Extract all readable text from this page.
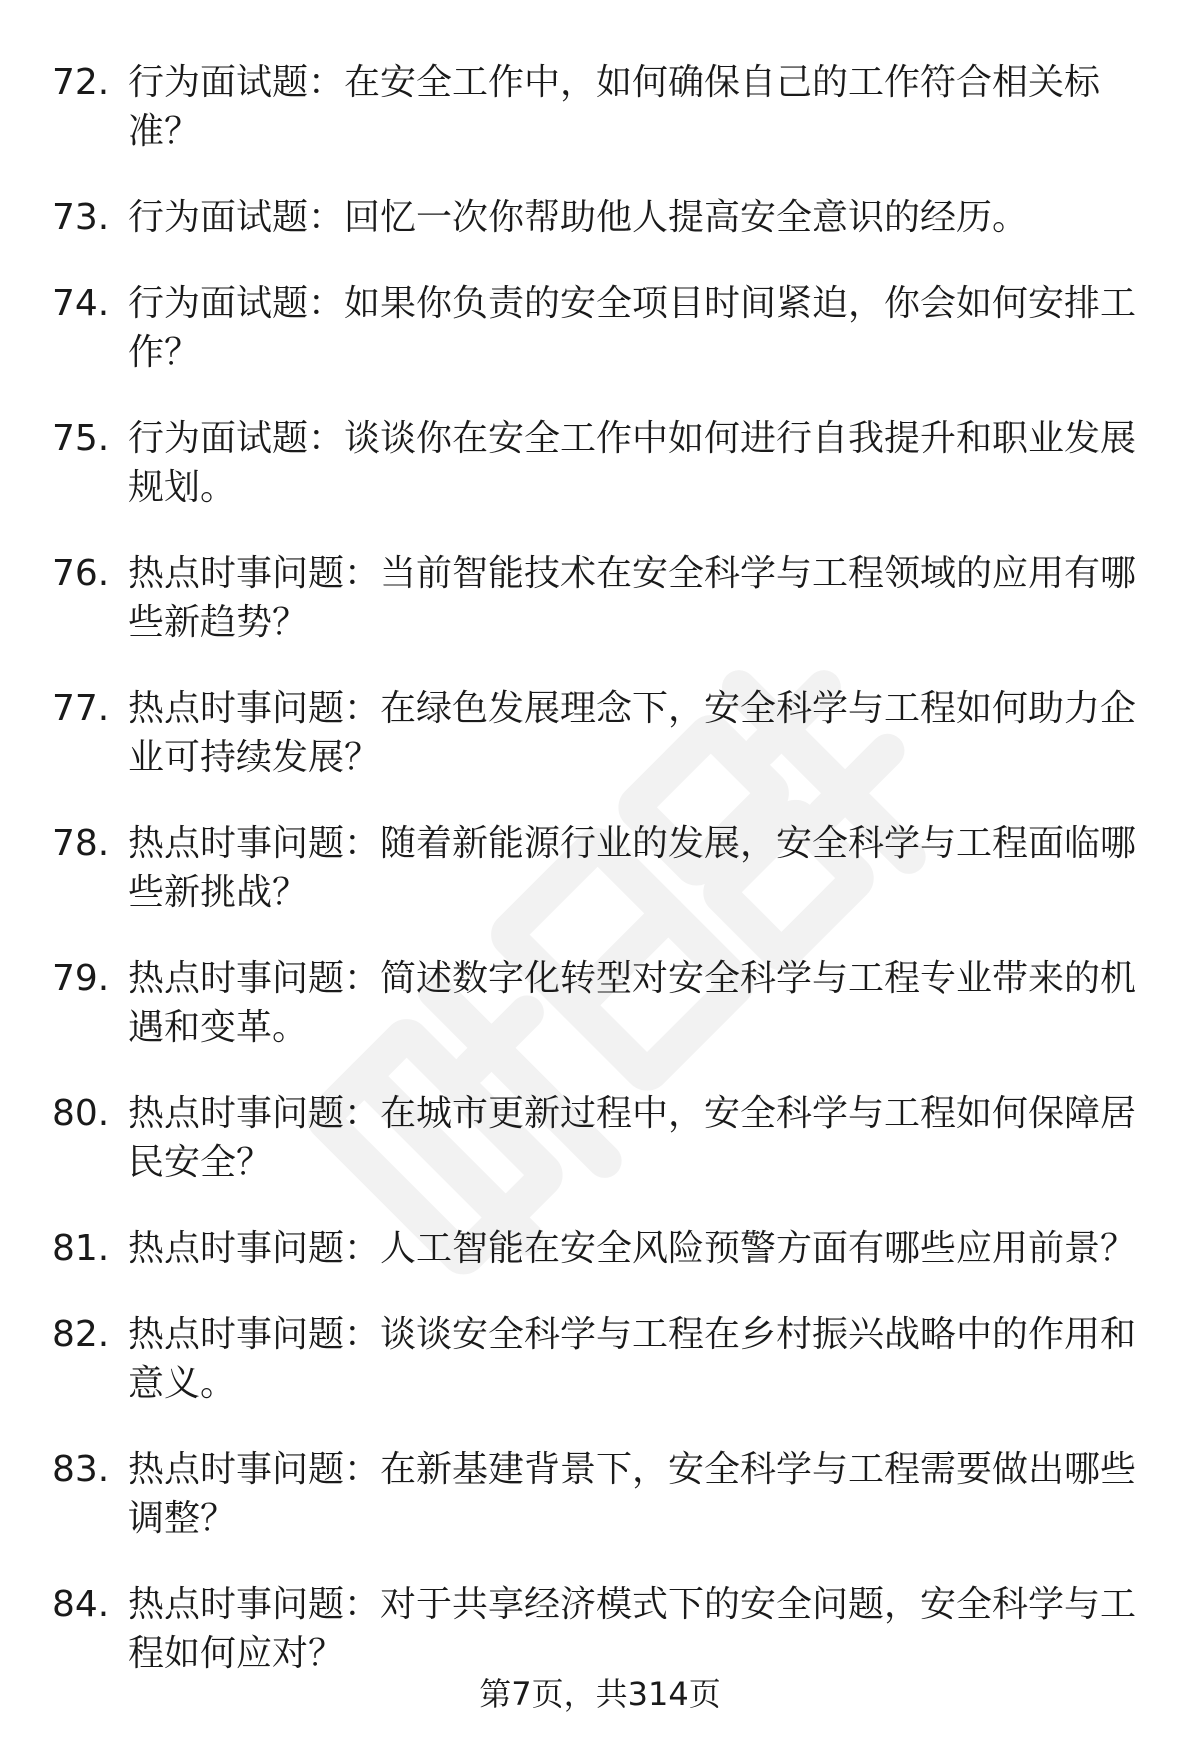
72. 行为面试题：在安全工作中，如何确保自己的工作符合相关标准？
73. 行为面试题：回忆一次你帮助他人提高安全意识的经历。
74. 行为面试题：如果你负责的安全项目时间紧迫，你会如何安排工作？
75. 行为面试题：谈谈你在安全工作中如何进行自我提升和职业发展规划。
76. 热点时事问题：当前智能技术在安全科学与工程领域的应用有哪些新趋势？
77. 热点时事问题：在绿色发展理念下，安全科学与工程如何助力企业可持续发展？
78. 热点时事问题：随着新能源行业的发展，安全科学与工程面临哪些新挑战？
79. 热点时事问题：简述数字化转型对安全科学与工程专业带来的机遇和变革。
80. 热点时事问题：在城市更新过程中，安全科学与工程如何保障居民安全？
81. 热点时事问题：人工智能在安全风险预警方面有哪些应用前景？
82. 热点时事问题：谈谈安全科学与工程在乡村振兴战略中的作用和意义。
83. 热点时事问题：在新基建背景下，安全科学与工程需要做出哪些调整？
84. 热点时事问题：对于共享经济模式下的安全问题，安全科学与工程如何应对？
第7页，共314页
